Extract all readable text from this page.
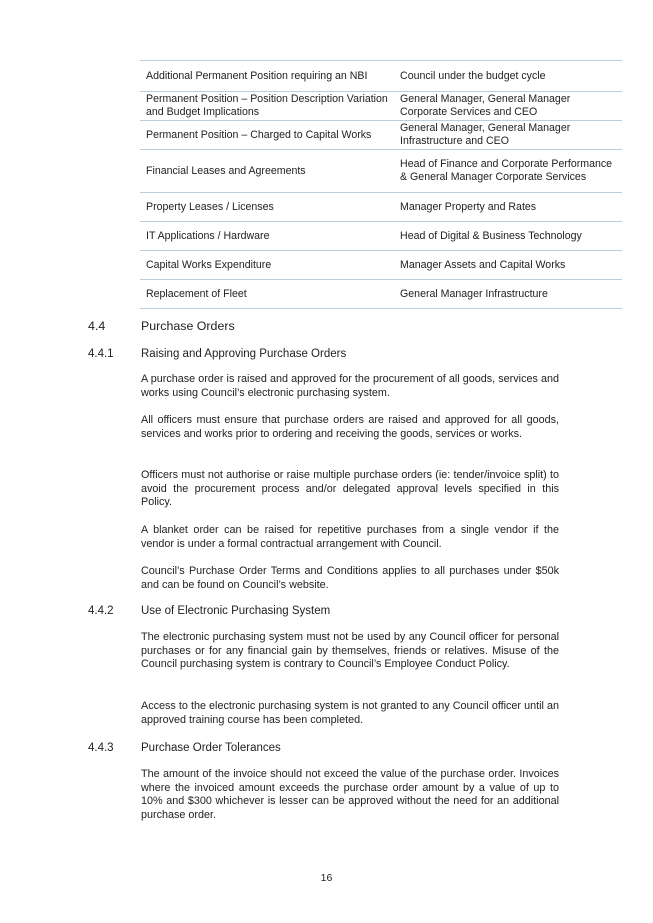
Additional Permanent Position requiring an NBI	Council under the budget cycle
Permanent Position – Position Description Variation and Budget Implications	General Manager, General Manager Corporate Services and CEO
Permanent Position – Charged to Capital Works	General Manager, General Manager Infrastructure and CEO
Financial Leases and Agreements	Head of Finance and Corporate Performance & General Manager Corporate Services
Property Leases / Licenses	Manager Property and Rates
IT Applications / Hardware	Head of Digital & Business Technology
Capital Works Expenditure	Manager Assets and Capital Works
Replacement of Fleet	General Manager Infrastructure
4.4	Purchase Orders
4.4.1 Raising and Approving Purchase Orders

A purchase order is raised and approved for the procurement of all goods, services and works using Council’s electronic purchasing system.

All officers must ensure that purchase orders are raised and approved for all goods, services and works prior to ordering and receiving the goods, services or works.

Officers must not authorise or raise multiple purchase orders (ie: tender/invoice split) to avoid the procurement process and/or delegated approval levels specified in this Policy.

A blanket order can be raised for repetitive purchases from a single vendor if the vendor is under a formal contractual arrangement with Council.

Council’s Purchase Order Terms and Conditions applies to all purchases under $50k and can be found on Council’s website.

4.4.2 Use of Electronic Purchasing System

The electronic purchasing system must not be used by any Council officer for personal purchases or for any financial gain by themselves, friends or relatives. Misuse of the Council purchasing system is contrary to Council’s Employee Conduct Policy.

Access to the electronic purchasing system is not granted to any Council officer until an approved training course has been completed.

4.4.3 Purchase Order Tolerances

The amount of the invoice should not exceed the value of the purchase order. Invoices where the invoiced amount exceeds the purchase order amount by a value of up to 10% and $300 whichever is lesser can be approved without the need for an additional purchase order.

16
